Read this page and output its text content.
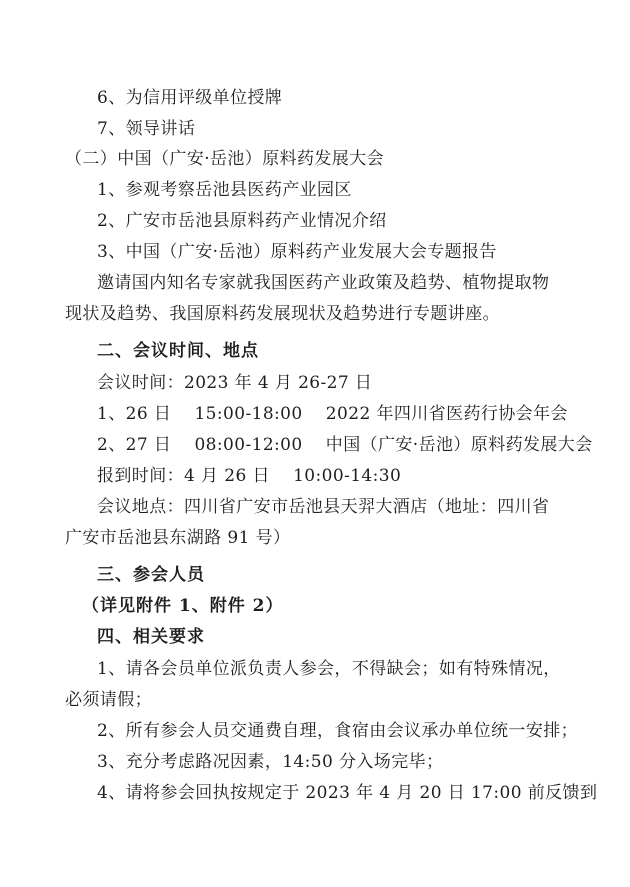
6、为信用评级单位授牌
7、领导讲话
（二）中国（广安·岳池）原料药发展大会
1、参观考察岳池县医药产业园区
2、广安市岳池县原料药产业情况介绍
3、中国（广安·岳池）原料药产业发展大会专题报告
邀请国内知名专家就我国医药产业政策及趋势、植物提取物
现状及趋势、我国原料药发展现状及趋势进行专题讲座。
二、会议时间、地点
会议时间：2023 年 4 月 26-27 日
1、26 日    15:00-18:00    2022 年四川省医药行协会年会
2、27 日    08:00-12:00    中国（广安·岳池）原料药发展大会
报到时间：4 月 26 日    10:00-14:30
会议地点：四川省广安市岳池县天羿大酒店（地址：四川省
广安市岳池县东湖路 91 号）
三、参会人员
（详见附件 1、附件 2）
四、相关要求
1、请各会员单位派负责人参会，不得缺会；如有特殊情况，
必须请假；
2、所有参会人员交通费自理，食宿由会议承办单位统一安排；
3、充分考虑路况因素，14:50 分入场完毕；
4、请将参会回执按规定于 2023 年 4 月 20 日 17:00 前反馈到
